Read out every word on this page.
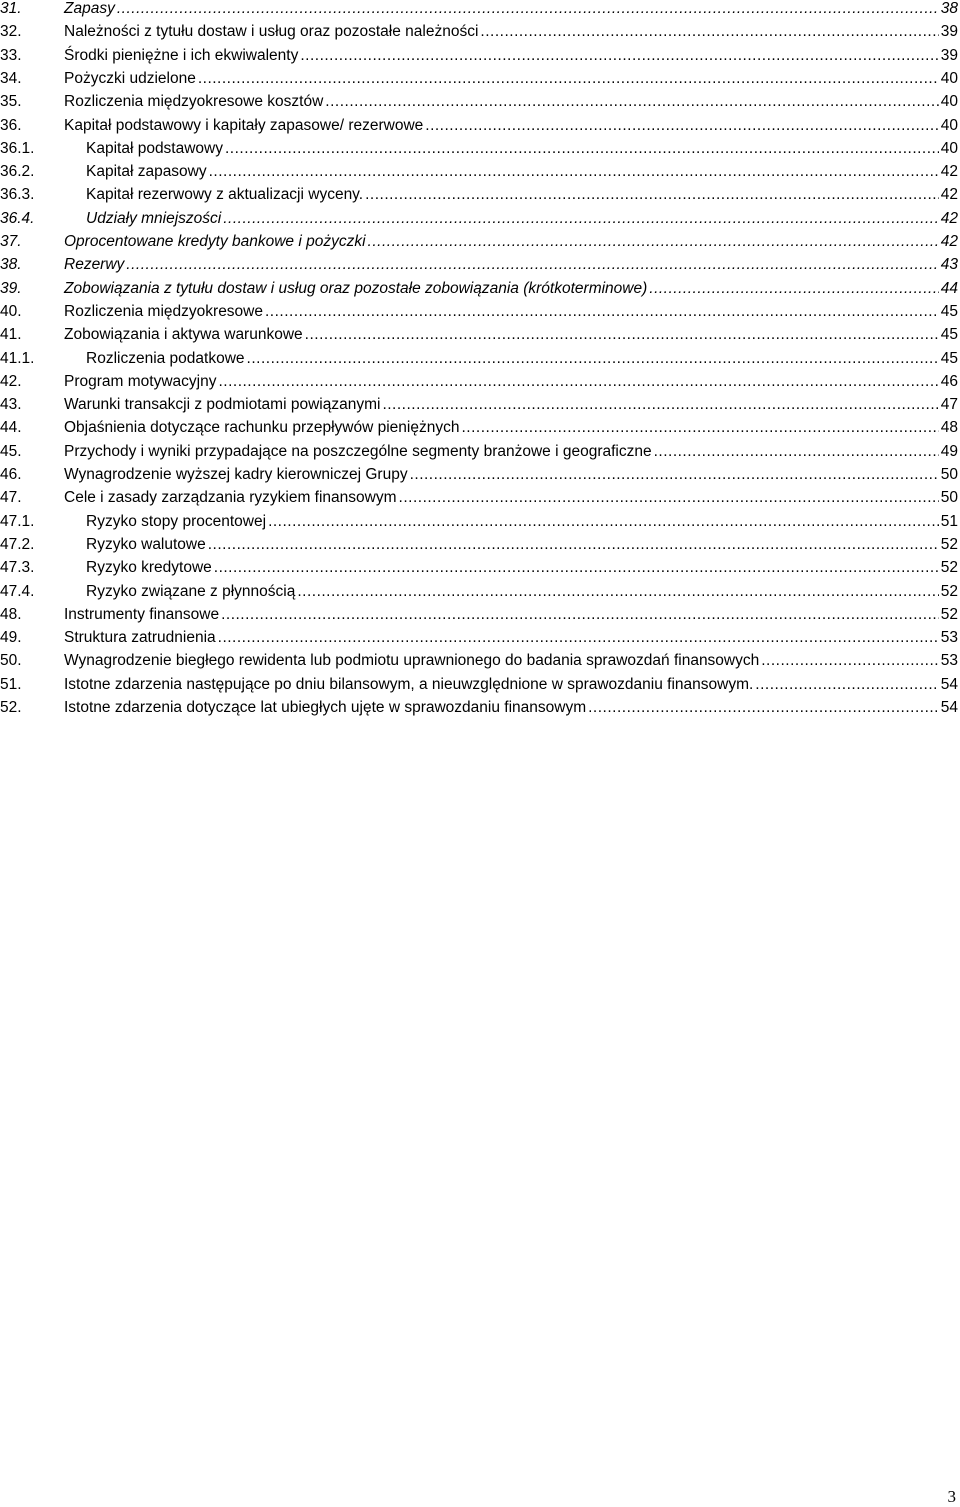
31.	Zapasy .....	38
32.	Należności z tytułu dostaw i usług oraz pozostałe należności .....	39
33.	Środki pieniężne i ich ekwiwalenty .....	39
34.	Pożyczki udzielone .....	40
35.	Rozliczenia międzyokresowe kosztów .....	40
36.	Kapitał podstawowy i kapitały zapasowe/ rezerwowe .....	40
36.1.	Kapitał podstawowy .....	40
36.2.	Kapitał zapasowy .....	42
36.3.	Kapitał rezerwowy z aktualizacji wyceny. .....	42
36.4.	Udziały mniejszości .....	42
37.	Oprocentowane kredyty bankowe i pożyczki .....	42
38.	Rezerwy .....	43
39.	Zobowiązania z tytułu dostaw i usług oraz pozostałe zobowiązania (krótkoterminowe) .....	44
40.	Rozliczenia międzyokresowe .....	45
41.	Zobowiązania i aktywa warunkowe .....	45
41.1.	Rozliczenia podatkowe .....	45
42.	Program motywacyjny .....	46
43.	Warunki transakcji z podmiotami powiązanymi .....	47
44.	Objaśnienia dotyczące rachunku przepływów pieniężnych .....	48
45.	Przychody i wyniki przypadające na poszczególne segmenty branżowe i geograficzne .....	49
46.	Wynagrodzenie wyższej kadry kierowniczej Grupy .....	50
47.	Cele i zasady zarządzania ryzykiem finansowym .....	50
47.1.	Ryzyko stopy procentowej .....	51
47.2.	Ryzyko walutowe .....	52
47.3.	Ryzyko kredytowe .....	52
47.4.	Ryzyko związane z płynnością .....	52
48.	Instrumenty finansowe .....	52
49.	Struktura zatrudnienia .....	53
50.	Wynagrodzenie biegłego rewidenta lub podmiotu uprawnionego do badania sprawozdań finansowych .....	53
51.	Istotne zdarzenia następujące po dniu bilansowym, a nieuwzględnione w sprawozdaniu finansowym. .....	54
52.	Istotne zdarzenia dotyczące lat ubiegłych ujęte w sprawozdaniu finansowym .....	54
3
